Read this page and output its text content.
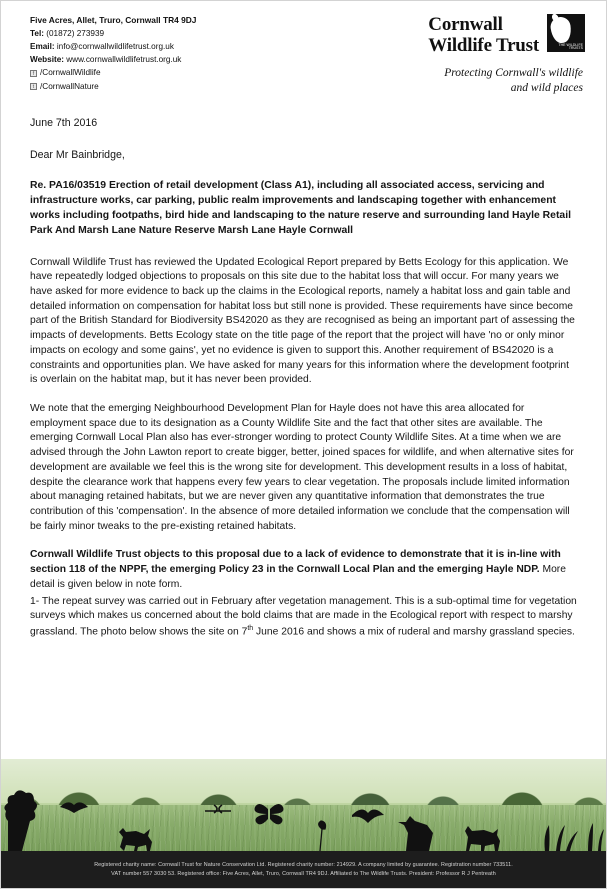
Five Acres, Allet, Truro, Cornwall TR4 9DJ
Tel: (01872) 273939
Email: info@cornwallwildlifetrust.org.uk
Website: www.cornwallwildlifetrust.org.uk
f /CornwallWildlife
t /CornwallNature
Cornwall
Wildlife Trust	THE WILDLIFE TRUSTS
Protecting Cornwall's wildlife
and wild places
June 7th 2016
Dear Mr Bainbridge,
Re. PA16/03519 Erection of retail development (Class A1), including all associated access, servicing and infrastructure works, car parking, public realm improvements and landscaping together with enhancement works including footpaths, bird hide and landscaping to the nature reserve and surrounding land Hayle Retail Park And Marsh Lane Nature Reserve Marsh Lane Hayle Cornwall

Cornwall Wildlife Trust has reviewed the Updated Ecological Report prepared by Betts Ecology for this application. We have repeatedly lodged objections to proposals on this site due to the habitat loss that will occur. For many years we have asked for more evidence to back up the claims in the Ecological reports, namely a habitat loss and gain table and detailed information on compensation for habitat loss but still none is provided. These requirements have since become part of the British Standard for Biodiversity BS42020 as they are recognised as being an important part of assessing the impacts of developments. Betts Ecology state on the title page of the report that the project will have 'no or only minor impacts on ecology and some gains', yet no evidence is given to support this. Another requirement of BS42020 is a constraints and opportunities plan. We have asked for many years for this information where the development footprint is overlain on the habitat map, but it has never been provided.

We note that the emerging Neighbourhood Development Plan for Hayle does not have this area allocated for employment space due to its designation as a County Wildlife Site and the fact that other sites are available. The emerging Cornwall Local Plan also has ever-stronger wording to protect County Wildlife Sites. At a time when we are advised through the John Lawton report to create bigger, better, joined spaces for wildlife, and when alternative sites for development are available we feel this is the wrong site for development. This development results in a loss of habitat, despite the clearance work that happens every few years to clear vegetation. The proposals include limited information about managing retained habitats, but we are never given any quantitative information that demonstrates the true contribution of this 'compensation'. In the absence of more detailed information we conclude that the compensation will be fairly minor tweaks to the pre-existing retained habitats.

Cornwall Wildlife Trust objects to this proposal due to a lack of evidence to demonstrate that it is in-line with section 118 of the NPPF, the emerging Policy 23 in the Cornwall Local Plan and the emerging Hayle NDP. More detail is given below in note form.

1- The repeat survey was carried out in February after vegetation management. This is a sub-optimal time for vegetation surveys which makes us concerned about the bold claims that are made in the Ecological report with respect to marshy grassland. The photo below shows the site on 7th June 2016 and shows a mix of ruderal and marshy grassland species.

Registered charity name: Cornwall Trust for Nature Conservation Ltd. Registered charity number: 214929. A company limited by guarantee. Registration number 733511.
VAT number 557 3030 53. Registered office: Five Acres, Allet, Truro, Cornwall TR4 9DJ. Affiliated to The Wildlife Trusts. President: Professor R J Pentreath
